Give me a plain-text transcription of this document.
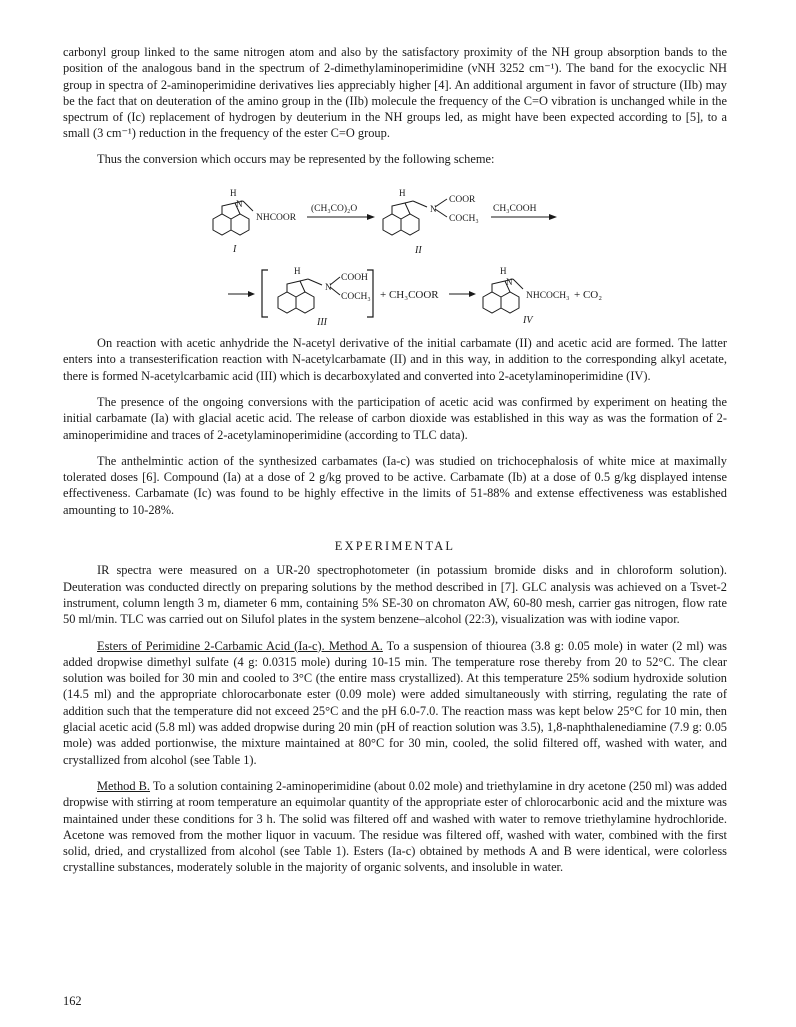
carbonyl group linked to the same nitrogen atom and also by the satisfactory proximity of the NH group absorption bands to the position of the analogous band in the spectrum of 2-dimethylaminoperimidine (νNH 3252 cm⁻¹). The band for the exocyclic NH group in spectra of 2-aminoperimidine derivatives lies appreciably higher [4]. An additional argument in favor of structure (IIb) may be the fact that on deuteration of the amino group in the (IIb) molecule the frequency of the C=O vibration is unchanged while in the spectrum of (Ic) replacement of hydrogen by deuterium in the NH groups led, as might have been expected according to [5], to a small (3 cm⁻¹) reduction in the frequency of the ester C=O group.

Thus the conversion which occurs may be represented by the following scheme:

H
N
NHCOOR
I
(CH₃CO)₂O
H
N
COOR
COCH₃
II
CH₃COOH
H
N
COOH
COCH₃
III
+ CH₃COOR
H
N
NHCOCH₃ + CO₂
IV

On reaction with acetic anhydride the N-acetyl derivative of the initial carbamate (II) and acetic acid are formed. The latter enters into a transesterification reaction with N-acetylcarbamate (II) and in this way, in addition to the corresponding alkyl acetate, there is formed N-acetylcarbamic acid (III) which is decarboxylated and converted into 2-acetylaminoperimidine (IV).

The presence of the ongoing conversions with the participation of acetic acid was confirmed by experiment on heating the initial carbamate (Ia) with glacial acetic acid. The release of carbon dioxide was established in this way as was the formation of 2-aminoperimidine and traces of 2-acetylaminoperimidine (according to TLC data).

The anthelmintic action of the synthesized carbamates (Ia-c) was studied on trichocephalosis of white mice at maximally tolerated doses [6]. Compound (Ia) at a dose of 2 g/kg proved to be active. Carbamate (Ib) at a dose of 0.5 g/kg displayed intense effectiveness. Carbamate (Ic) was found to be highly effective in the limits of 51-88% and extense effectiveness was established amounting to 10-28%.

EXPERIMENTAL

IR spectra were measured on a UR-20 spectrophotometer (in potassium bromide disks and in chloroform solution). Deuteration was conducted directly on preparing solutions by the method described in [7]. GLC analysis was achieved on a Tsvet-2 instrument, column length 3 m, diameter 6 mm, containing 5% SE-30 on chromaton AW, 60-80 mesh, carrier gas nitrogen, flow rate 50 ml/min. TLC was carried out on Silufol plates in the system benzene–alcohol (22:3), visualization was with iodine vapor.

Esters of Perimidine 2-Carbamic Acid (Ia-c). Method A. To a suspension of thiourea (3.8 g: 0.05 mole) in water (2 ml) was added dropwise dimethyl sulfate (4 g: 0.0315 mole) during 10-15 min. The temperature rose thereby from 20 to 52°C. The clear solution was boiled for 30 min and cooled to 3°C (the entire mass crystallized). At this temperature 25% sodium hydroxide solution (14.5 ml) and the appropriate chlorocarbonate ester (0.09 mole) were added simultaneously with stirring, regulating the rate of addition such that the temperature did not exceed 25°C and the pH 6.0-7.0. The reaction mass was kept below 25°C for 10 min, then glacial acetic acid (5.8 ml) was added dropwise during 20 min (pH of reaction solution was 3.5), 1,8-naphthalenediamine (7.9 g: 0.05 mole) was added portionwise, the mixture maintained at 80°C for 30 min, cooled, the solid filtered off, washed with water, and crystallized from alcohol (see Table 1).

Method B. To a solution containing 2-aminoperimidine (about 0.02 mole) and triethylamine in dry acetone (250 ml) was added dropwise with stirring at room temperature an equimolar quantity of the appropriate ester of chlorocarbonic acid and the mixture was maintained under these conditions for 3 h. The solid was filtered off and washed with water to remove triethylamine hydrochloride. Acetone was removed from the mother liquor in vacuum. The residue was filtered off, washed with water, combined with the first solid, dried, and crystallized from alcohol (see Table 1). Esters (Ia-c) obtained by methods A and B were identical, were colorless crystalline substances, moderately soluble in the majority of organic solvents, and insoluble in water.

162
